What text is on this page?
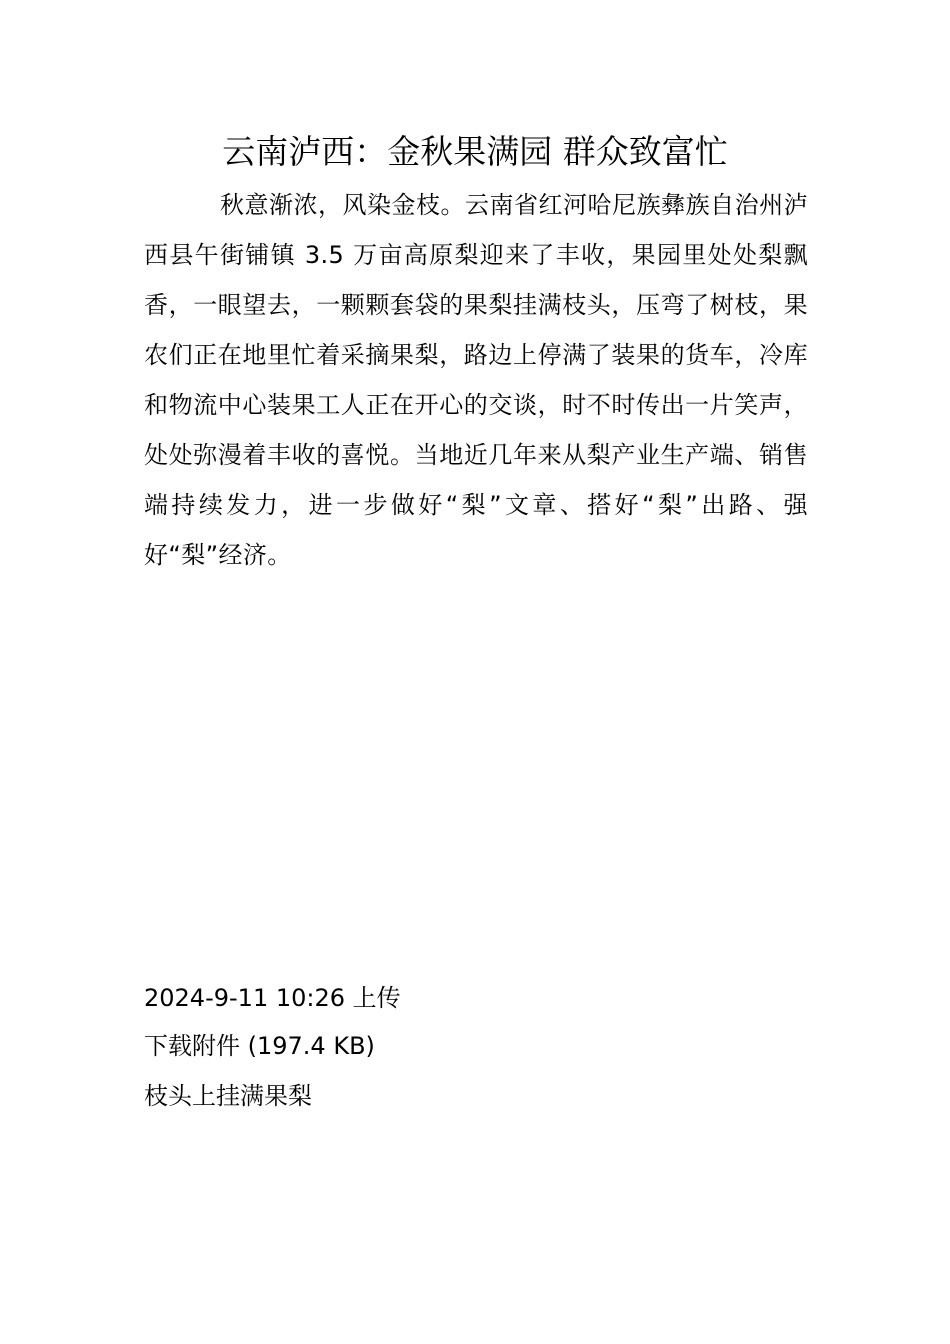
云南泸西：金秋果满园 群众致富忙

秋意渐浓，风染金枝。云南省红河哈尼族彝族自治州泸西县午街铺镇 3.5 万亩高原梨迎来了丰收，果园里处处梨飘香，一眼望去，一颗颗套袋的果梨挂满枝头，压弯了树枝，果农们正在地里忙着采摘果梨，路边上停满了装果的货车，冷库和物流中心装果工人正在开心的交谈，时不时传出一片笑声，处处弥漫着丰收的喜悦。当地近几年来从梨产业生产端、销售端持续发力，进一步做好“梨”文章、搭好“梨”出路、强好“梨”经济。

2024-9-11 10:26 上传
下载附件 (197.4 KB)
枝头上挂满果梨
